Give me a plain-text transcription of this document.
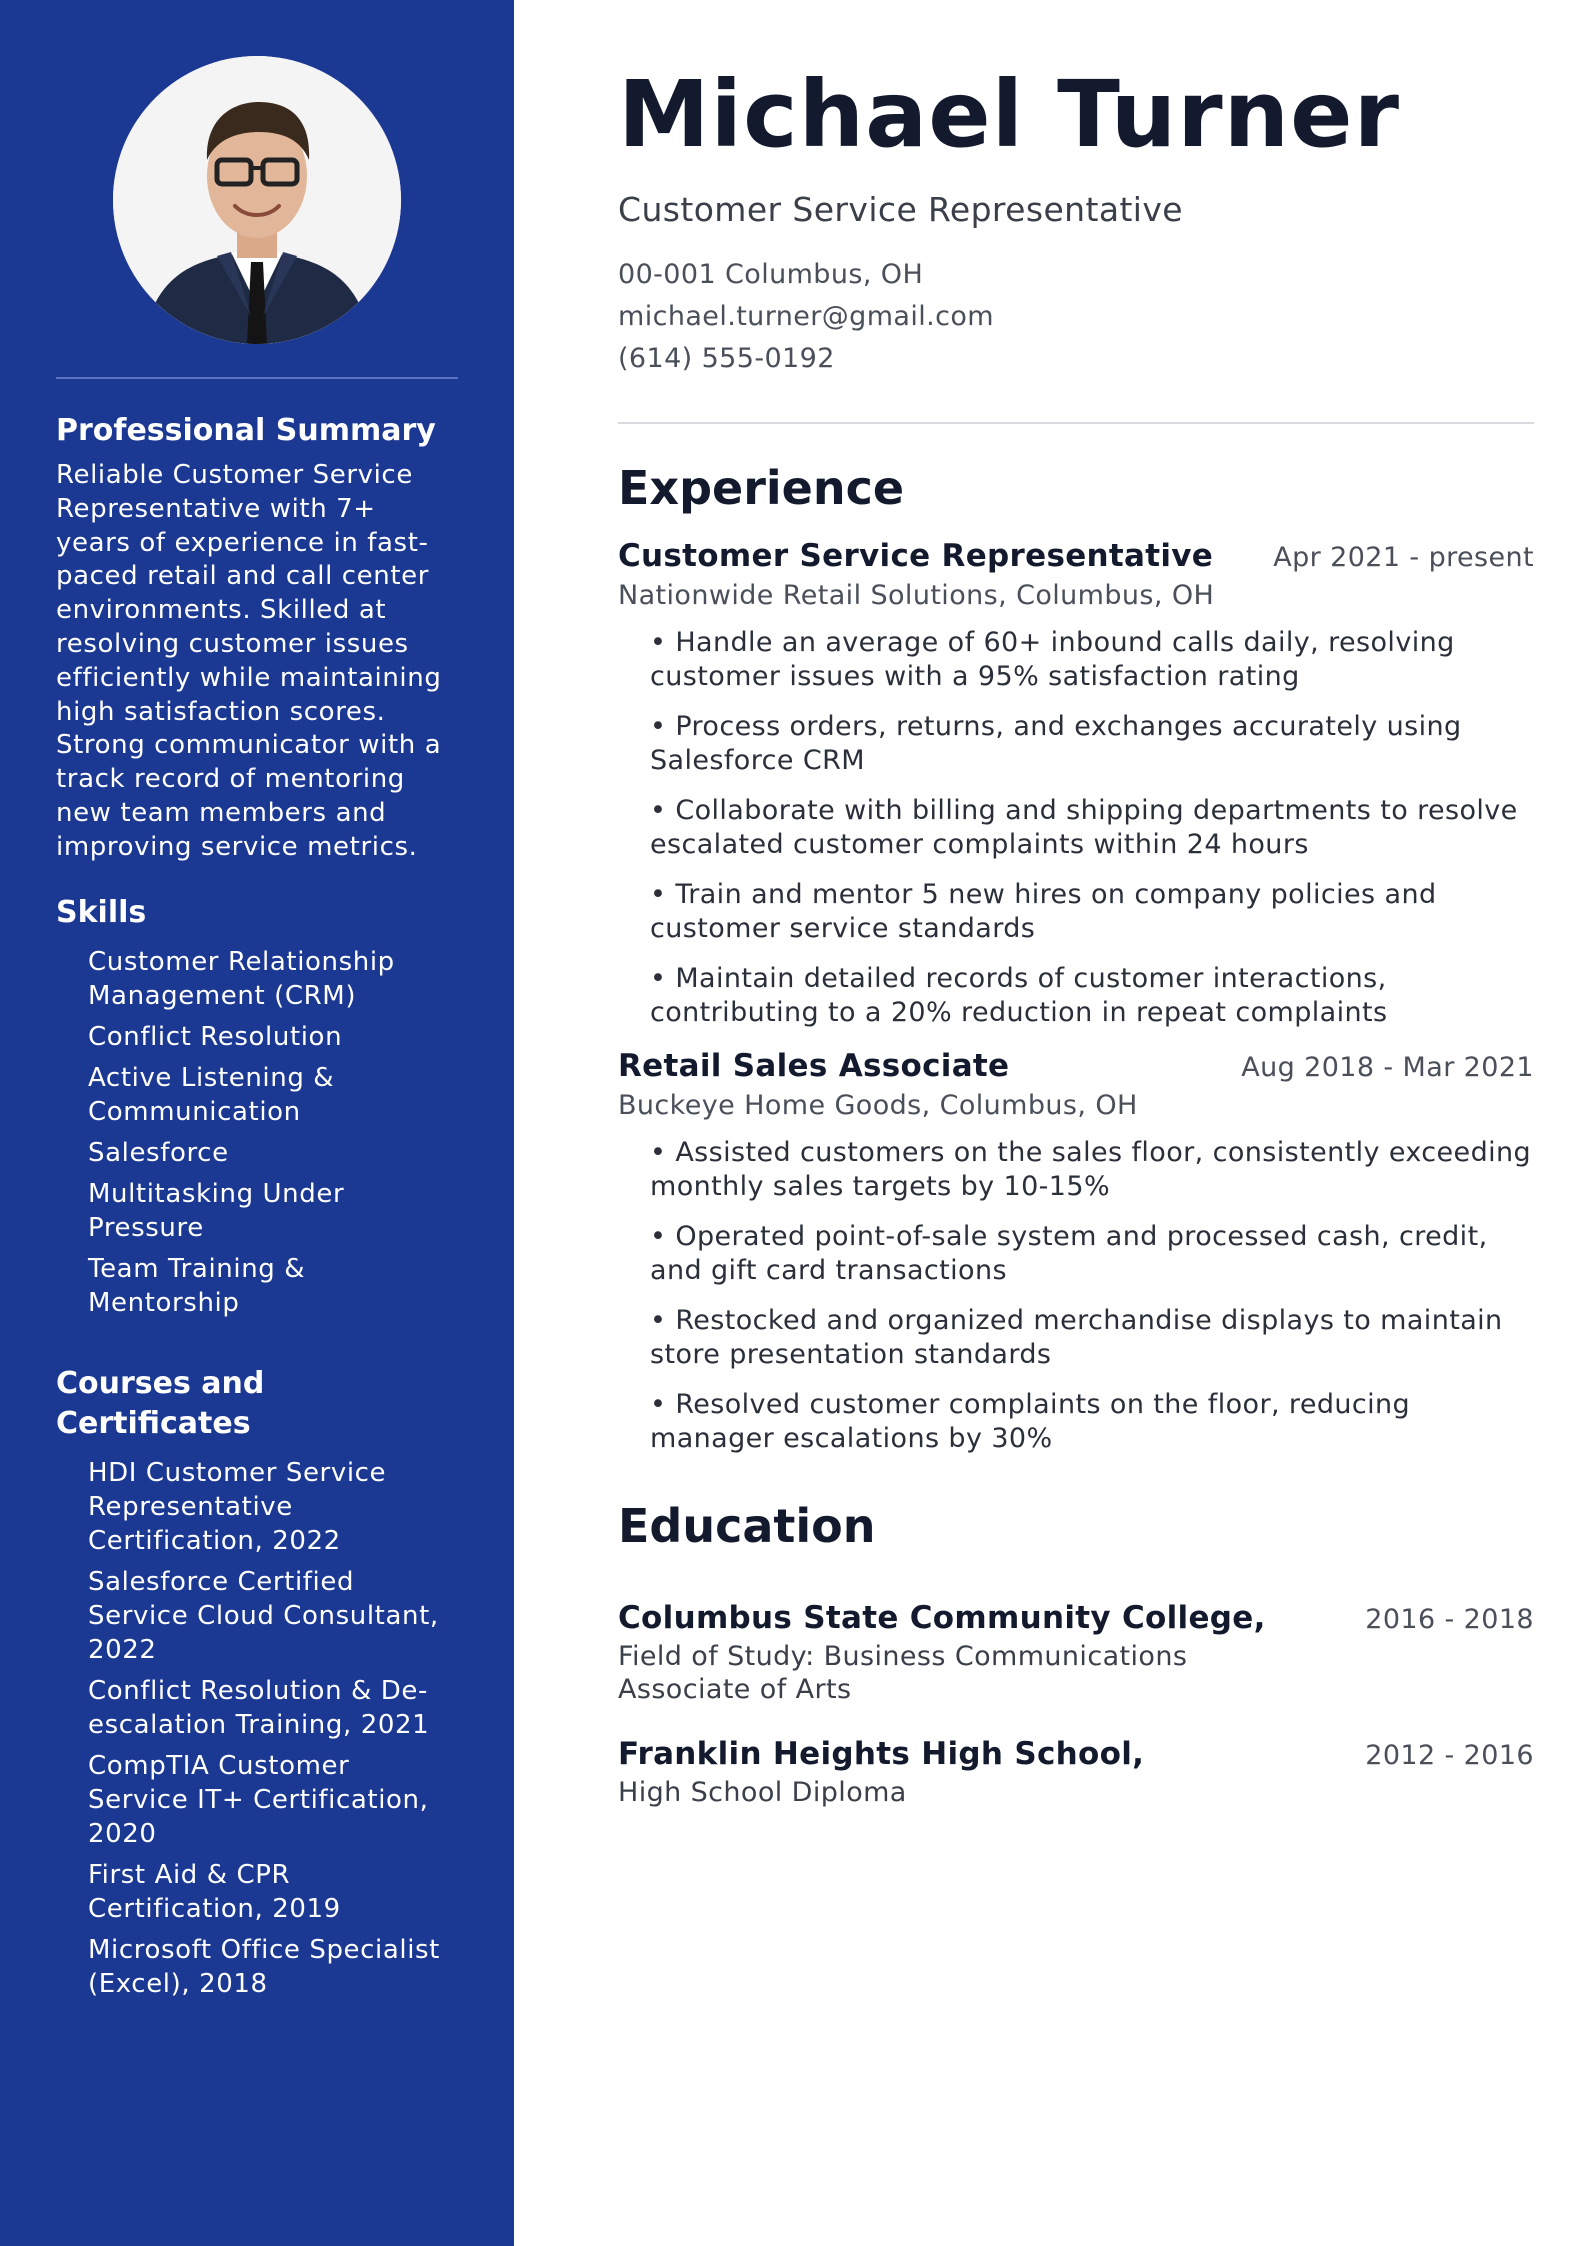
Professional Summary

Reliable Customer Service Representative with 7+ years of experience in fast-paced retail and call center environments. Skilled at resolving customer issues efficiently while maintaining high satisfaction scores. Strong communicator with a track record of mentoring new team members and improving service metrics.

Skills
Customer Relationship Management (CRM)
Conflict Resolution
Active Listening & Communication
Salesforce
Multitasking Under Pressure
Team Training & Mentorship
Courses and Certificates
HDI Customer Service Representative Certification, 2022
Salesforce Certified Service Cloud Consultant, 2022
Conflict Resolution & De-escalation Training, 2021
CompTIA Customer Service IT+ Certification, 2020
First Aid & CPR Certification, 2019
Microsoft Office Specialist (Excel), 2018
Michael Turner
Customer Service Representative
00-001 Columbus, OH
michael.turner@gmail.com
(614) 555-0192
Experience
Customer Service Representative Apr 2021 - present
Nationwide Retail Solutions, Columbus, OH
• Handle an average of 60+ inbound calls daily, resolving customer issues with a 95% satisfaction rating
• Process orders, returns, and exchanges accurately using Salesforce CRM
• Collaborate with billing and shipping departments to resolve escalated customer complaints within 24 hours
• Train and mentor 5 new hires on company policies and customer service standards
• Maintain detailed records of customer interactions, contributing to a 20% reduction in repeat complaints
Retail Sales Associate	Aug 2018 - Mar 2021
Buckeye Home Goods, Columbus, OH
• Assisted customers on the sales floor, consistently exceeding monthly sales targets by 10-15%
• Operated point-of-sale system and processed cash, credit, and gift card transactions
• Restocked and organized merchandise displays to maintain store presentation standards
• Resolved customer complaints on the floor, reducing manager escalations by 30%
Education
Columbus State Community College,	2016 - 2018
Field of Study: Business Communications
Associate of Arts
Franklin Heights High School,	2012 - 2016
High School Diploma
